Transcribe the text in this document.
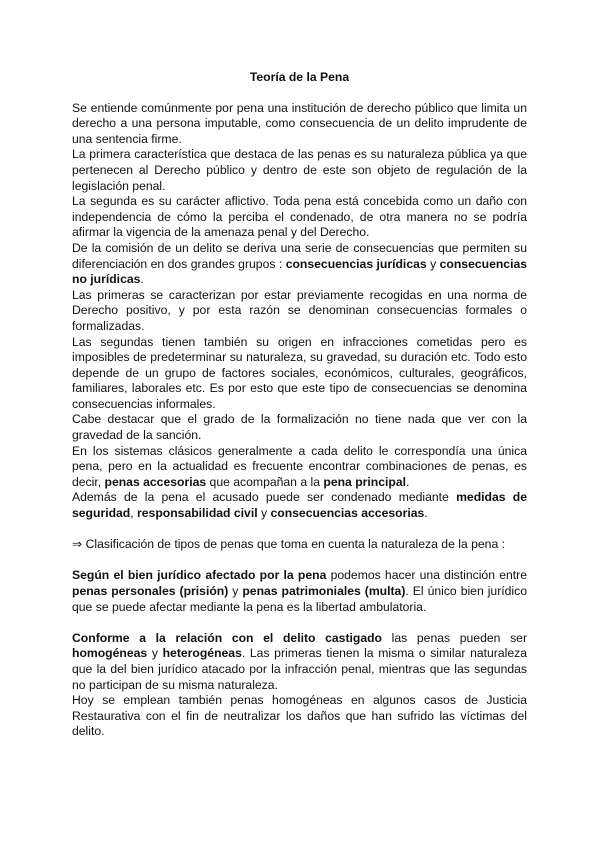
Teoría de la Pena

Se entiende comúnmente por pena una institución de derecho público que limita un derecho a una persona imputable, como consecuencia de un delito imprudente de una sentencia firme.

La primera característica que destaca de las penas es su naturaleza pública ya que pertenecen al Derecho público y dentro de este son objeto de regulación de la legislación penal.

La segunda es su carácter aflictivo. Toda pena está concebida como un daño con independencia de cómo la perciba el condenado, de otra manera no se podría afirmar la vigencia de la amenaza penal y del Derecho.

De la comisión de un delito se deriva una serie de consecuencias que permiten su diferenciación en dos grandes grupos : consecuencias jurídicas y consecuencias no jurídicas.

Las primeras se caracterizan por estar previamente recogidas en una norma de Derecho positivo, y por esta razón se denominan consecuencias formales o formalizadas.

Las segundas tienen también su origen en infracciones cometidas pero es imposibles de predeterminar su naturaleza, su gravedad, su duración etc. Todo esto depende de un grupo de factores sociales, económicos, culturales, geográficos, familiares, laborales etc. Es por esto que este tipo de consecuencias se denomina consecuencias informales.

Cabe destacar que el grado de la formalización no tiene nada que ver con la gravedad de la sanción.

En los sistemas clásicos generalmente a cada delito le correspondía una única pena, pero en la actualidad es frecuente encontrar combinaciones de penas, es decir, penas accesorias que acompañan a la pena principal.

Además de la pena el acusado puede ser condenado mediante medidas de seguridad, responsabilidad civil y consecuencias accesorias.

⇒ Clasificación de tipos de penas que toma en cuenta la naturaleza de la pena :

Según el bien jurídico afectado por la pena podemos hacer una distinción entre penas personales (prisión) y penas patrimoniales (multa). El único bien jurídico que se puede afectar mediante la pena es la libertad ambulatoria.

Conforme a la relación con el delito castigado las penas pueden ser homogéneas y heterogéneas. Las primeras tienen la misma o similar naturaleza que la del bien jurídico atacado por la infracción penal, mientras que las segundas no participan de su misma naturaleza.

Hoy se emplean también penas homogéneas en algunos casos de Justicia Restaurativa con el fin de neutralizar los daños que han sufrido las víctimas del delito.
